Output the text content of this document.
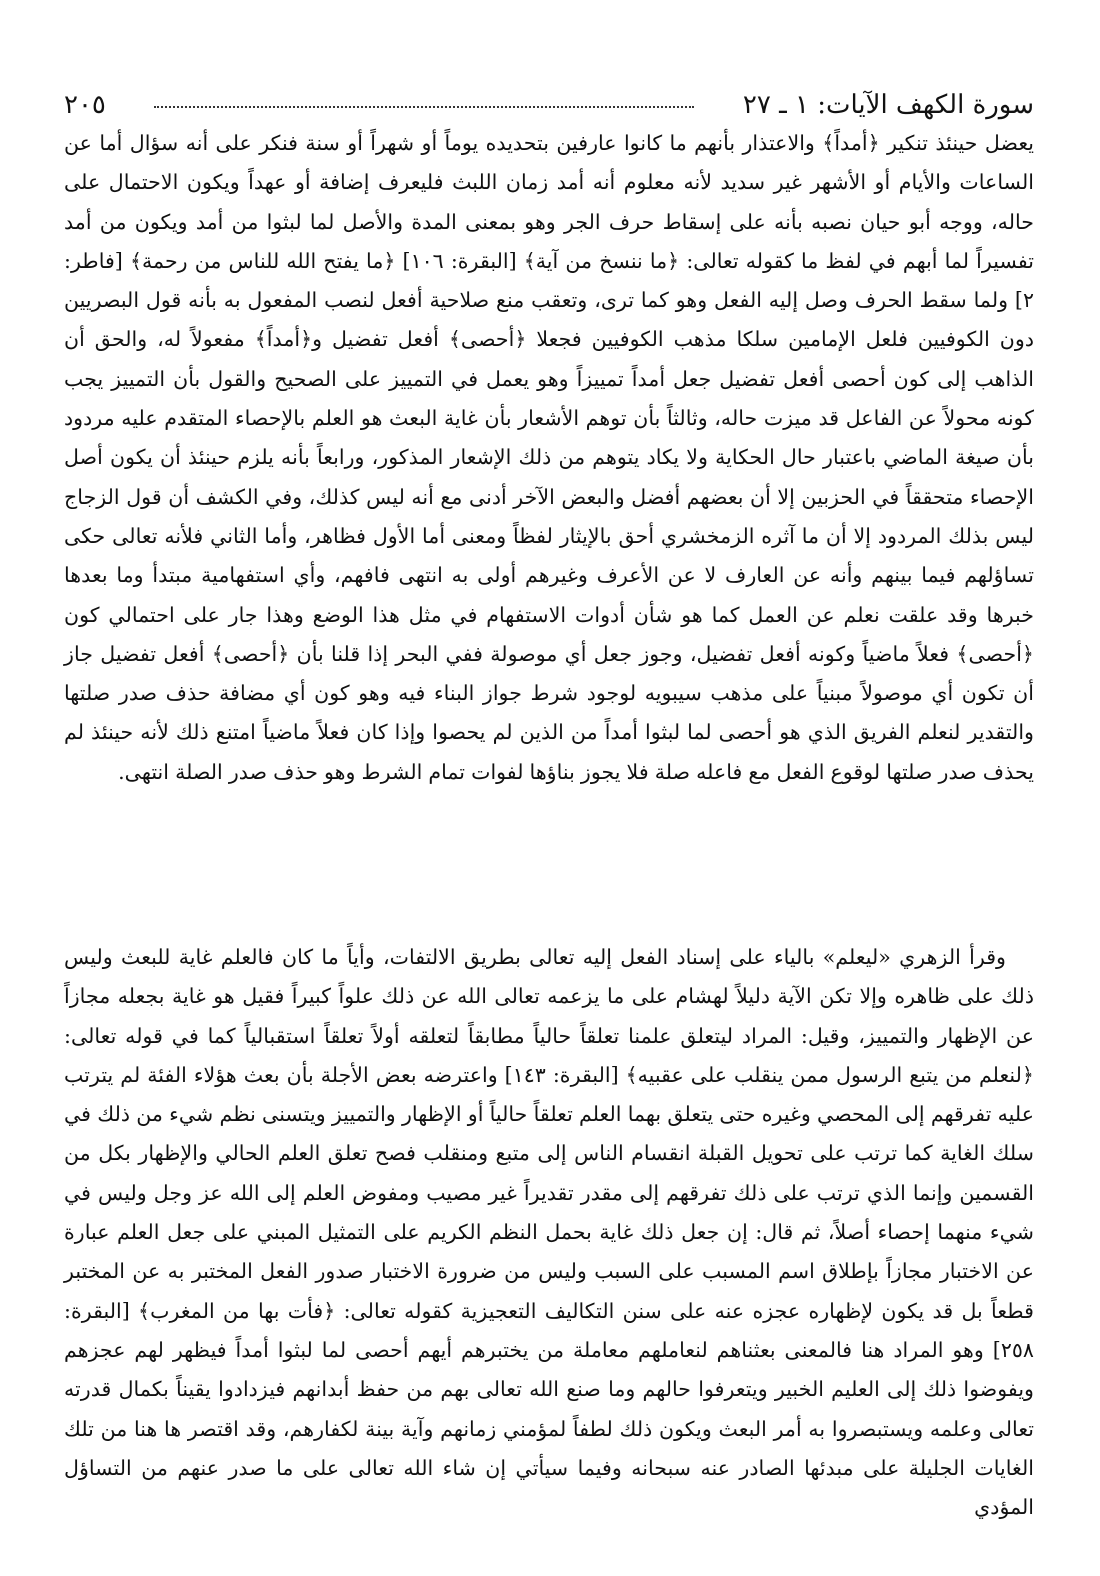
سورة الكهف الآيات: ١ ـ ٢٧
٢٠٥

يعضل حينئذ تنكير ﴿أمداً﴾ والاعتذار بأنهم ما كانوا عارفين بتحديده يوماً أو شهراً أو سنة فنكر على أنه سؤال أما عن الساعات والأيام أو الأشهر غير سديد لأنه معلوم أنه أمد زمان اللبث فليعرف إضافة أو عهداً ويكون الاحتمال على حاله، ووجه أبو حيان نصبه بأنه على إسقاط حرف الجر وهو بمعنى المدة والأصل لما لبثوا من أمد ويكون من أمد تفسيراً لما أبهم في لفظ ما كقوله تعالى: ﴿ما ننسخ من آية﴾ [البقرة: ١٠٦] ﴿ما يفتح الله للناس من رحمة﴾ [فاطر: ٢] ولما سقط الحرف وصل إليه الفعل وهو كما ترى، وتعقب منع صلاحية أفعل لنصب المفعول به بأنه قول البصريين دون الكوفيين فلعل الإمامين سلكا مذهب الكوفيين فجعلا ﴿أحصى﴾ أفعل تفضيل و﴿أمداً﴾ مفعولاً له، والحق أن الذاهب إلى كون أحصى أفعل تفضيل جعل أمداً تمييزاً وهو يعمل في التمييز على الصحيح والقول بأن التمييز يجب كونه محولاً عن الفاعل قد ميزت حاله، وثالثاً بأن توهم الأشعار بأن غاية البعث هو العلم بالإحصاء المتقدم عليه مردود بأن صيغة الماضي باعتبار حال الحكاية ولا يكاد يتوهم من ذلك الإشعار المذكور، ورابعاً بأنه يلزم حينئذ أن يكون أصل الإحصاء متحققاً في الحزبين إلا أن بعضهم أفضل والبعض الآخر أدنى مع أنه ليس كذلك، وفي الكشف أن قول الزجاج ليس بذلك المردود إلا أن ما آثره الزمخشري أحق بالإيثار لفظاً ومعنى أما الأول فظاهر، وأما الثاني فلأنه تعالى حكى تساؤلهم فيما بينهم وأنه عن العارف لا عن الأعرف وغيرهم أولى به انتهى فافهم، وأي استفهامية مبتدأ وما بعدها خبرها وقد علقت نعلم عن العمل كما هو شأن أدوات الاستفهام في مثل هذا الوضع وهذا جار على احتمالي كون ﴿أحصى﴾ فعلاً ماضياً وكونه أفعل تفضيل، وجوز جعل أي موصولة ففي البحر إذا قلنا بأن ﴿أحصى﴾ أفعل تفضيل جاز أن تكون أي موصولاً مبنياً على مذهب سيبويه لوجود شرط جواز البناء فيه وهو كون أي مضافة حذف صدر صلتها والتقدير لنعلم الفريق الذي هو أحصى لما لبثوا أمداً من الذين لم يحصوا وإذا كان فعلاً ماضياً امتنع ذلك لأنه حينئذ لم يحذف صدر صلتها لوقوع الفعل مع فاعله صلة فلا يجوز بناؤها لفوات تمام الشرط وهو حذف صدر الصلة انتهى.

وقرأ الزهري «ليعلم» بالياء على إسناد الفعل إليه تعالى بطريق الالتفات، وأياً ما كان فالعلم غاية للبعث وليس ذلك على ظاهره وإلا تكن الآية دليلاً لهشام على ما يزعمه تعالى الله عن ذلك علواً كبيراً فقيل هو غاية بجعله مجازاً عن الإظهار والتمييز، وقيل: المراد ليتعلق علمنا تعلقاً حالياً مطابقاً لتعلقه أولاً تعلقاً استقبالياً كما في قوله تعالى: ﴿لنعلم من يتبع الرسول ممن ينقلب على عقبيه﴾ [البقرة: ١٤٣] واعترضه بعض الأجلة بأن بعث هؤلاء الفئة لم يترتب عليه تفرقهم إلى المحصي وغيره حتى يتعلق بهما العلم تعلقاً حالياً أو الإظهار والتمييز ويتسنى نظم شيء من ذلك في سلك الغاية كما ترتب على تحويل القبلة انقسام الناس إلى متبع ومنقلب فصح تعلق العلم الحالي والإظهار بكل من القسمين وإنما الذي ترتب على ذلك تفرقهم إلى مقدر تقديراً غير مصيب ومفوض العلم إلى الله عز وجل وليس في شيء منهما إحصاء أصلاً، ثم قال: إن جعل ذلك غاية بحمل النظم الكريم على التمثيل المبني على جعل العلم عبارة عن الاختبار مجازاً بإطلاق اسم المسبب على السبب وليس من ضرورة الاختبار صدور الفعل المختبر به عن المختبر قطعاً بل قد يكون لإظهاره عجزه عنه على سنن التكاليف التعجيزية كقوله تعالى: ﴿فأت بها من المغرب﴾ [البقرة: ٢٥٨] وهو المراد هنا فالمعنى بعثناهم لنعاملهم معاملة من يختبرهم أيهم أحصى لما لبثوا أمداً فيظهر لهم عجزهم ويفوضوا ذلك إلى العليم الخبير ويتعرفوا حالهم وما صنع الله تعالى بهم من حفظ أبدانهم فيزدادوا يقيناً بكمال قدرته تعالى وعلمه ويستبصروا به أمر البعث ويكون ذلك لطفاً لمؤمني زمانهم وآية بينة لكفارهم، وقد اقتصر ها هنا من تلك الغايات الجليلة على مبدئها الصادر عنه سبحانه وفيما سيأتي إن شاء الله تعالى على ما صدر عنهم من التساؤل المؤدي
